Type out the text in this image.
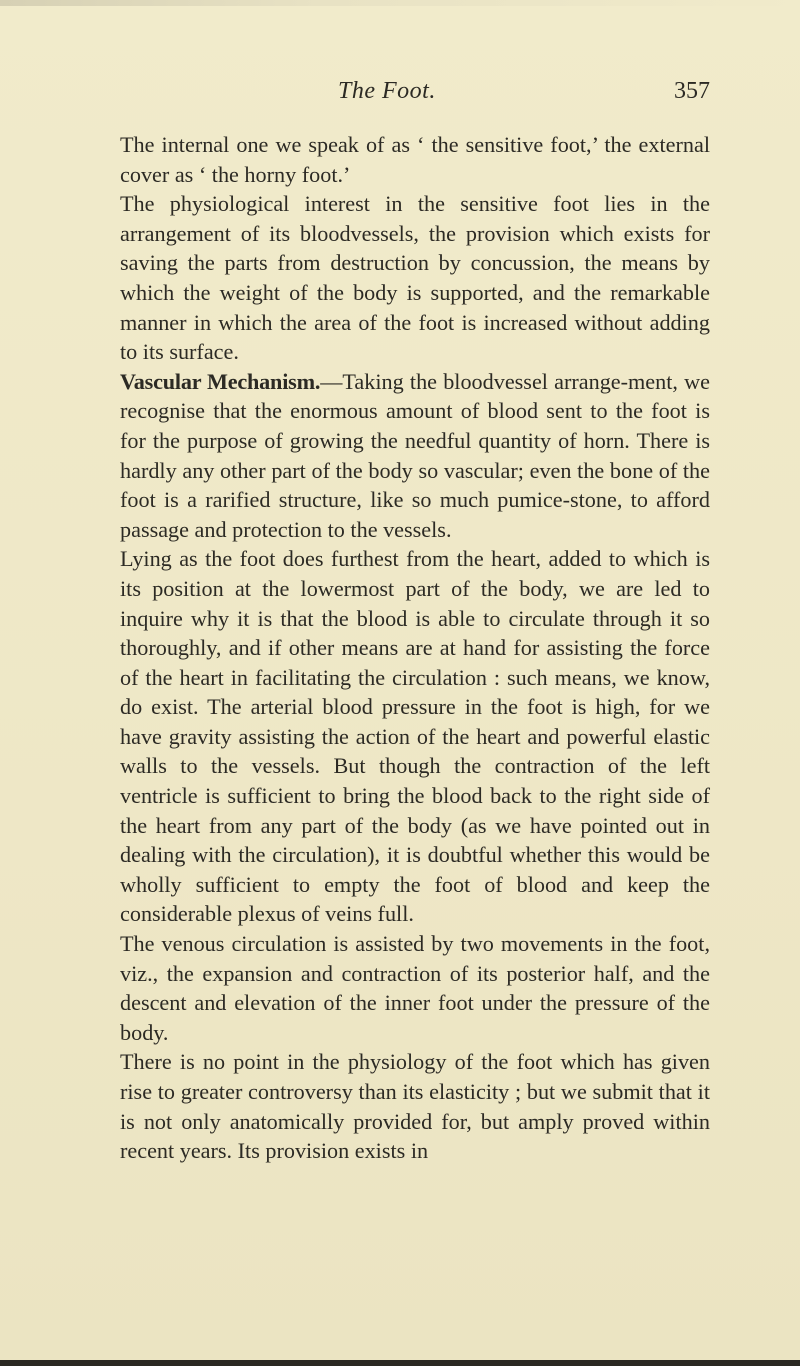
The Foot.	357

The internal one we speak of as ‘ the sensitive foot,’ the external cover as ‘ the horny foot.’

The physiological interest in the sensitive foot lies in the arrangement of its bloodvessels, the provision which exists for saving the parts from destruction by concussion, the means by which the weight of the body is supported, and the remarkable manner in which the area of the foot is increased without adding to its surface.

Vascular Mechanism.—Taking the bloodvessel arrange-ment, we recognise that the enormous amount of blood sent to the foot is for the purpose of growing the needful quantity of horn. There is hardly any other part of the body so vascular; even the bone of the foot is a rarified structure, like so much pumice-stone, to afford passage and protection to the vessels.

Lying as the foot does furthest from the heart, added to which is its position at the lowermost part of the body, we are led to inquire why it is that the blood is able to circulate through it so thoroughly, and if other means are at hand for assisting the force of the heart in facilitating the circulation : such means, we know, do exist. The arterial blood pressure in the foot is high, for we have gravity assisting the action of the heart and powerful elastic walls to the vessels. But though the contraction of the left ventricle is sufficient to bring the blood back to the right side of the heart from any part of the body (as we have pointed out in dealing with the circulation), it is doubtful whether this would be wholly sufficient to empty the foot of blood and keep the considerable plexus of veins full.

The venous circulation is assisted by two movements in the foot, viz., the expansion and contraction of its posterior half, and the descent and elevation of the inner foot under the pressure of the body.

There is no point in the physiology of the foot which has given rise to greater controversy than its elasticity ; but we submit that it is not only anatomically provided for, but amply proved within recent years. Its provision exists in
